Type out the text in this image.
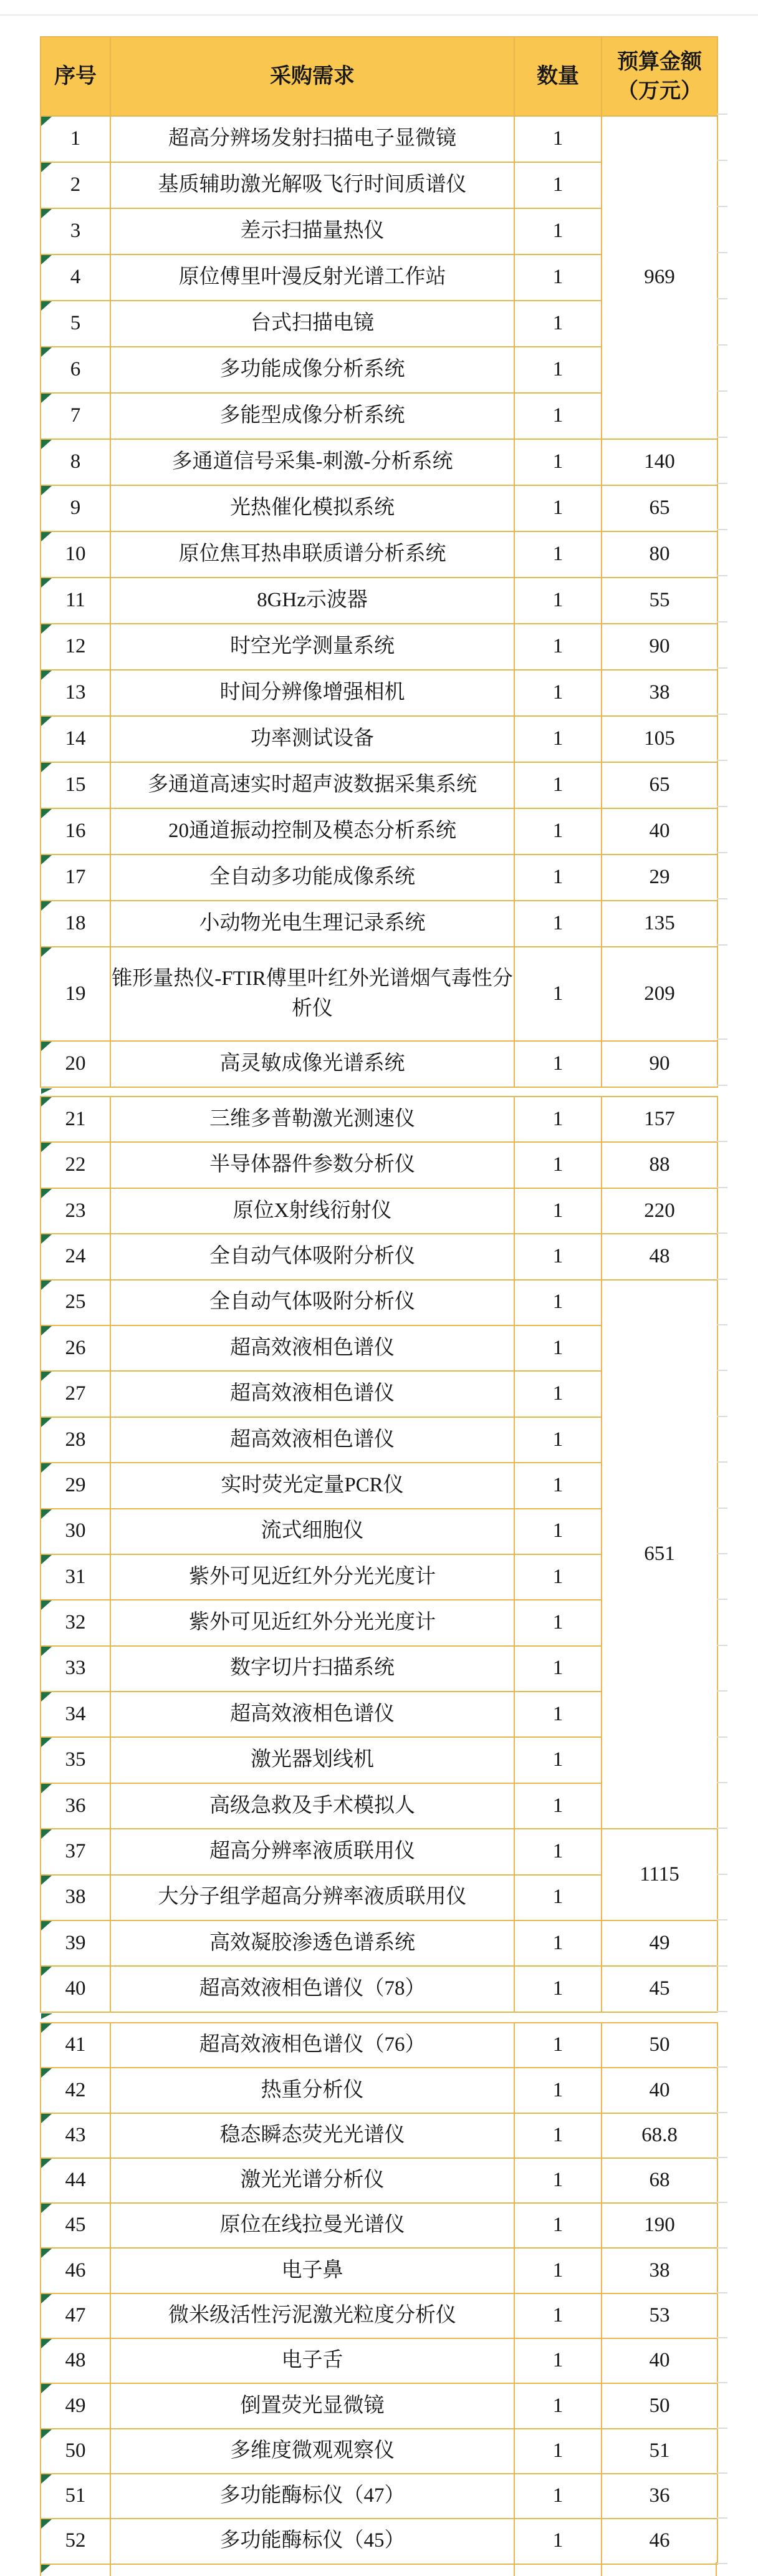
序号	采购需求	数量	预算金额
（万元）

1	超高分辨场发射扫描电子显微镜	1	969

2	基质辅助激光解吸飞行时间质谱仪	1	

3	差示扫描量热仪	1	

4	原位傅里叶漫反射光谱工作站	1	

5	台式扫描电镜	1	

6	多功能成像分析系统	1	

7	多能型成像分析系统	1	

8	多通道信号采集-刺激-分析系统	1	140

9	光热催化模拟系统	1	65

10	原位焦耳热串联质谱分析系统	1	80

11	8GHz示波器	1	55

12	时空光学测量系统	1	90

13	时间分辨像增强相机	1	38

14	功率测试设备	1	105

15	多通道高速实时超声波数据采集系统	1	65

16	20通道振动控制及模态分析系统	1	40

17	全自动多功能成像系统	1	29

18	小动物光电生理记录系统	1	135

19	锥形量热仪-FTIR傅里叶红外光谱烟气毒性分析仪	1	209

20	高灵敏成像光谱系统	1	90
21	三维多普勒激光测速仪	1	157

22	半导体器件参数分析仪	1	88

23	原位X射线衍射仪	1	220

24	全自动气体吸附分析仪	1	48

25	全自动气体吸附分析仪	1	651

26	超高效液相色谱仪	1	

27	超高效液相色谱仪	1	

28	超高效液相色谱仪	1	

29	实时荧光定量PCR仪	1	

30	流式细胞仪	1	

31	紫外可见近红外分光光度计	1	

32	紫外可见近红外分光光度计	1	

33	数字切片扫描系统	1	

34	超高效液相色谱仪	1	

35	激光器划线机	1	

36	高级急救及手术模拟人	1	

37	超高分辨率液质联用仪	1	1115

38	大分子组学超高分辨率液质联用仪	1	

39	高效凝胶渗透色谱系统	1	49

40	超高效液相色谱仪（78）	1	45
41	超高效液相色谱仪（76）	1	50

42	热重分析仪	1	40

43	稳态瞬态荧光光谱仪	1	68.8

44	激光光谱分析仪	1	68

45	原位在线拉曼光谱仪	1	190

46	电子鼻	1	38

47	微米级活性污泥激光粒度分析仪	1	53

48	电子舌	1	40

49	倒置荧光显微镜	1	50

50	多维度微观观察仪	1	51

51	多功能酶标仪（47）	1	36

52	多功能酶标仪（45）	1	46
